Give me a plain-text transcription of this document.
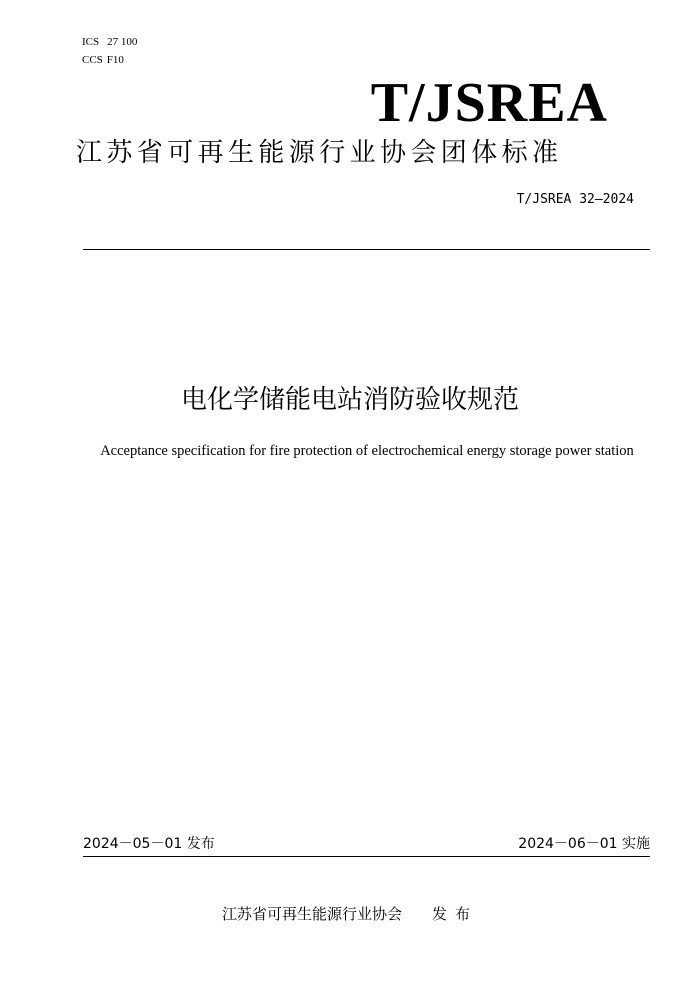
ICS 27 100
CCS F10
T/JSREA
江苏省可再生能源行业协会团体标准
T/JSREA 32—2024
电化学储能电站消防验收规范
Acceptance specification for fire protection of electrochemical energy storage power station
2024－05－01 发布	2024－06－01 实施
江苏省可再生能源行业协会 发布
